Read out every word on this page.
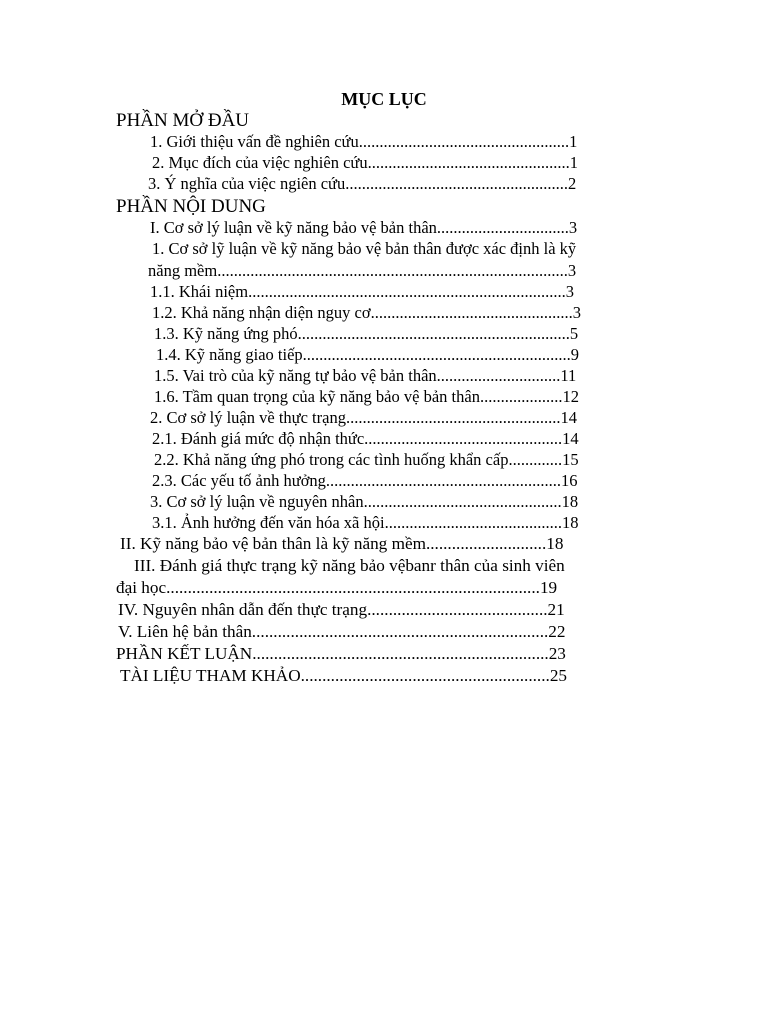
MỤC LỤC
PHẦN MỞ ĐẦU
1. Giới thiệu vấn đề nghiên cứu...................................................1
2. Mục đích của việc nghiên cứu.................................................1
3. Ý nghĩa của việc ngiên cứu......................................................2
PHẦN NỘI DUNG
I. Cơ sở lý luận về kỹ năng bảo vệ bản thân................................3
1. Cơ sở lỹ luận về kỹ năng bảo vệ bản thân được xác định là kỹ
năng mềm.....................................................................................3
1.1. Khái niệm.............................................................................3
1.2. Khả năng nhận diện nguy cơ.................................................3
1.3. Kỹ năng ứng phó..................................................................5
1.4. Kỹ năng giao tiếp.................................................................9
1.5. Vai trò của kỹ năng tự bảo vệ bản thân..............................11
1.6. Tầm quan trọng của kỹ năng bảo vệ bản thân....................12
2. Cơ sở lý luận về thực trạng....................................................14
2.1. Đánh giá mức độ nhận thức................................................14
2.2. Khả năng ứng phó trong các tình huống khẩn cấp.............15
2.3. Các yếu tố ảnh hưởng.........................................................16
3. Cơ sở lý luận về nguyên nhân................................................18
3.1. Ảnh hưởng đến văn hóa xã hội...........................................18
II. Kỹ năng bảo vệ bản thân là kỹ năng mềm............................18
III. Đánh giá thực trạng kỹ năng bảo vệbanr thân của sinh viên
đại học.......................................................................................19
IV. Nguyên nhân dẫn đến thực trạng..........................................21
V. Liên hệ bản thân.....................................................................22
PHẦN KẾT LUẬN.....................................................................23
TÀI LIỆU THAM KHẢO..........................................................25
